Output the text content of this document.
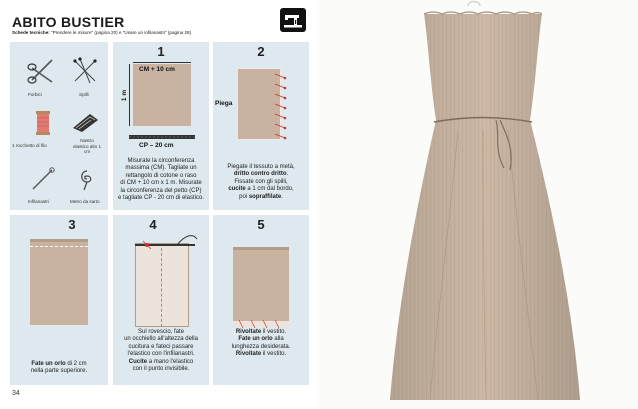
ABITO BUSTIER
Schede tecniche: "Prendere le misure" (pagina 20) e "Usare un infilanastri" (pagina 28)
Forbici	Spilli
1 rocchetto di filo
Nastro elastico alto 1 cm
Infilanastri	Metro da sarto
1
CM + 10 cm
1 m
CP – 20 cm
Misurate la circonferenza
massima (CM). Tagliate un
rettangolo di cotone o raso
di CM + 10 cm x 1 m. Misurate
la circonferenza del petto (CP)
e tagliate CP - 20 cm di elastico.
2
Piega
Piegate il tessuto a metà,
dritto contro dritto.
Fissate con gli spilli,
cucite a 1 cm dal bordo,
poi sopraffilate.
3
Fate un orlo di 2 cm
nella parte superiore.
4
Sul rovescio, fate
un occhiello all'altezza della
cucitura e fateci passare
l'elastico con l'infilanastri.
Cucite a mano l'elastico
con il punto invisibile.
5
Rivoltate il vestito.
Fate un orlo alla
lunghezza desiderata.
Rivoltate il vestito.
34
